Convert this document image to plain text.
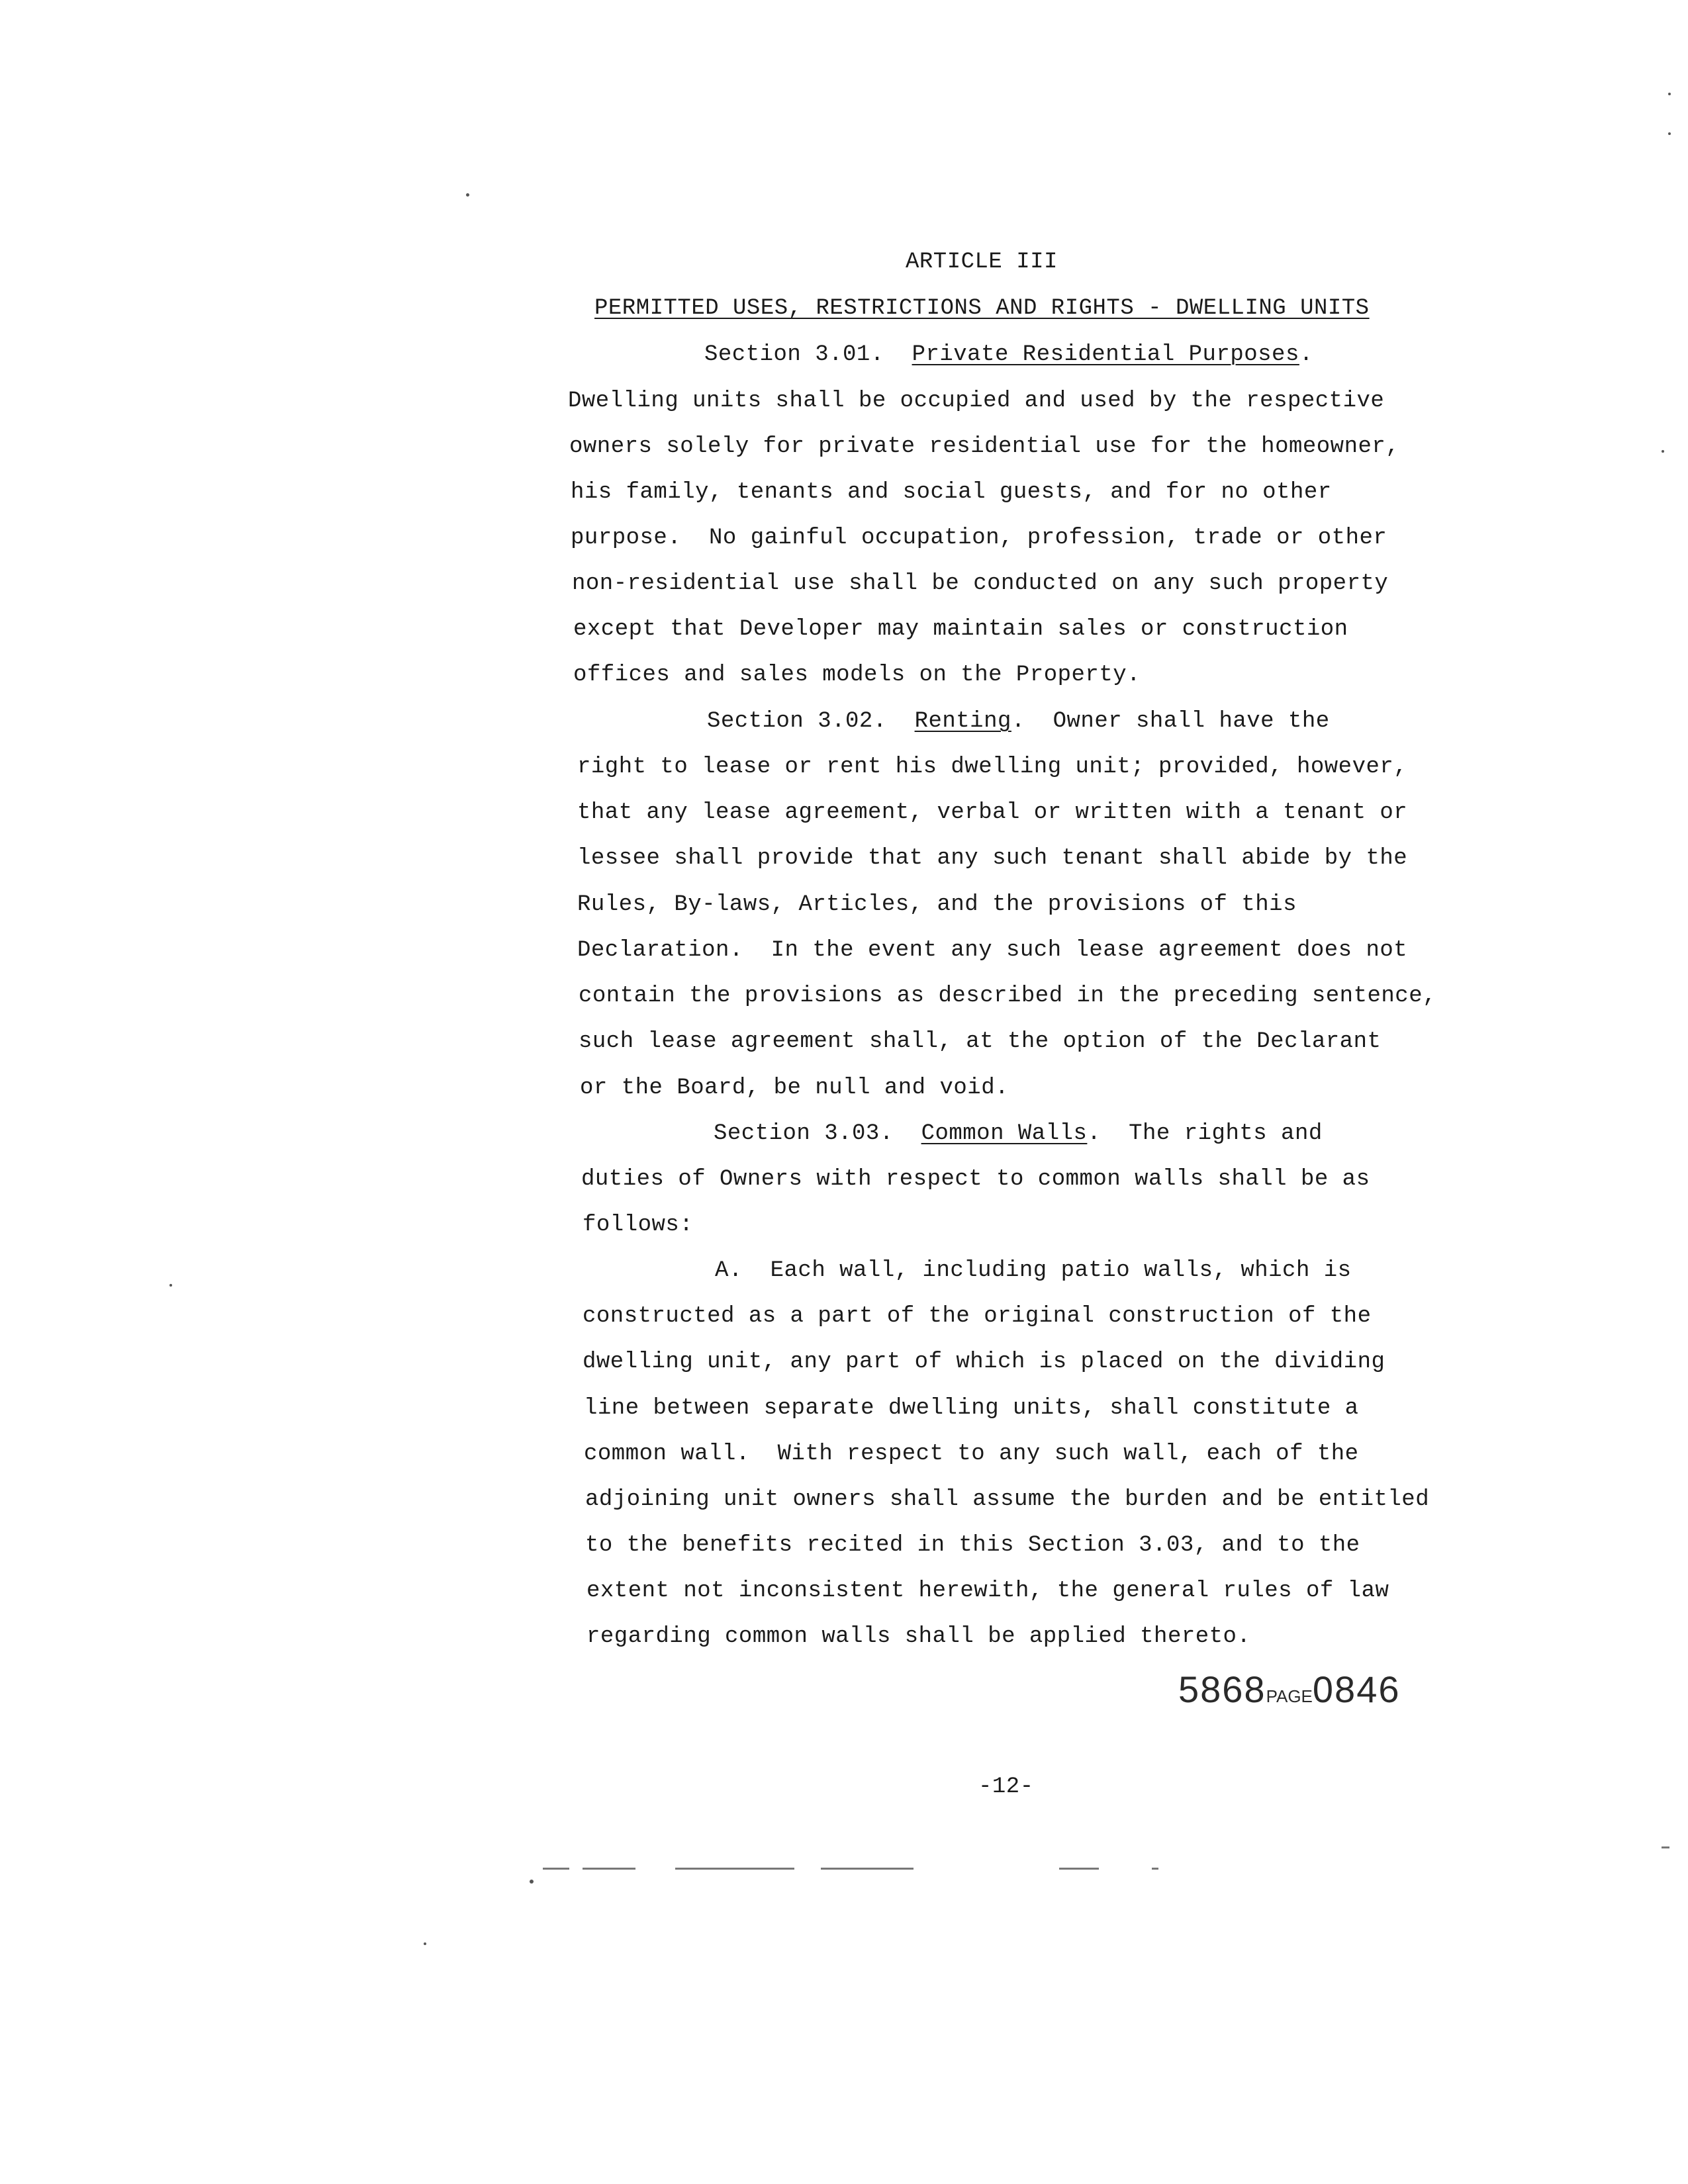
ARTICLE III
PERMITTED USES, RESTRICTIONS AND RIGHTS - DWELLING UNITS
Section 3.01. Private Residential Purposes.
Dwelling units shall be occupied and used by the respective
owners solely for private residential use for the homeowner,
his family, tenants and social guests, and for no other
purpose.  No gainful occupation, profession, trade or other
non-residential use shall be conducted on any such property
except that Developer may maintain sales or construction
offices and sales models on the Property.
Section 3.02. Renting.  Owner shall have the
right to lease or rent his dwelling unit; provided, however,
that any lease agreement, verbal or written with a tenant or
lessee shall provide that any such tenant shall abide by the
Rules, By-laws, Articles, and the provisions of this
Declaration.  In the event any such lease agreement does not
contain the provisions as described in the preceding sentence,
such lease agreement shall, at the option of the Declarant
or the Board, be null and void.
Section 3.03. Common Walls.  The rights and
duties of Owners with respect to common walls shall be as
follows:
A.  Each wall, including patio walls, which is
constructed as a part of the original construction of the
dwelling unit, any part of which is placed on the dividing
line between separate dwelling units, shall constitute a
common wall.  With respect to any such wall, each of the
adjoining unit owners shall assume the burden and be entitled
to the benefits recited in this Section 3.03, and to the
extent not inconsistent herewith, the general rules of law
regarding common walls shall be applied thereto.
5868PAGE0846
-12-
